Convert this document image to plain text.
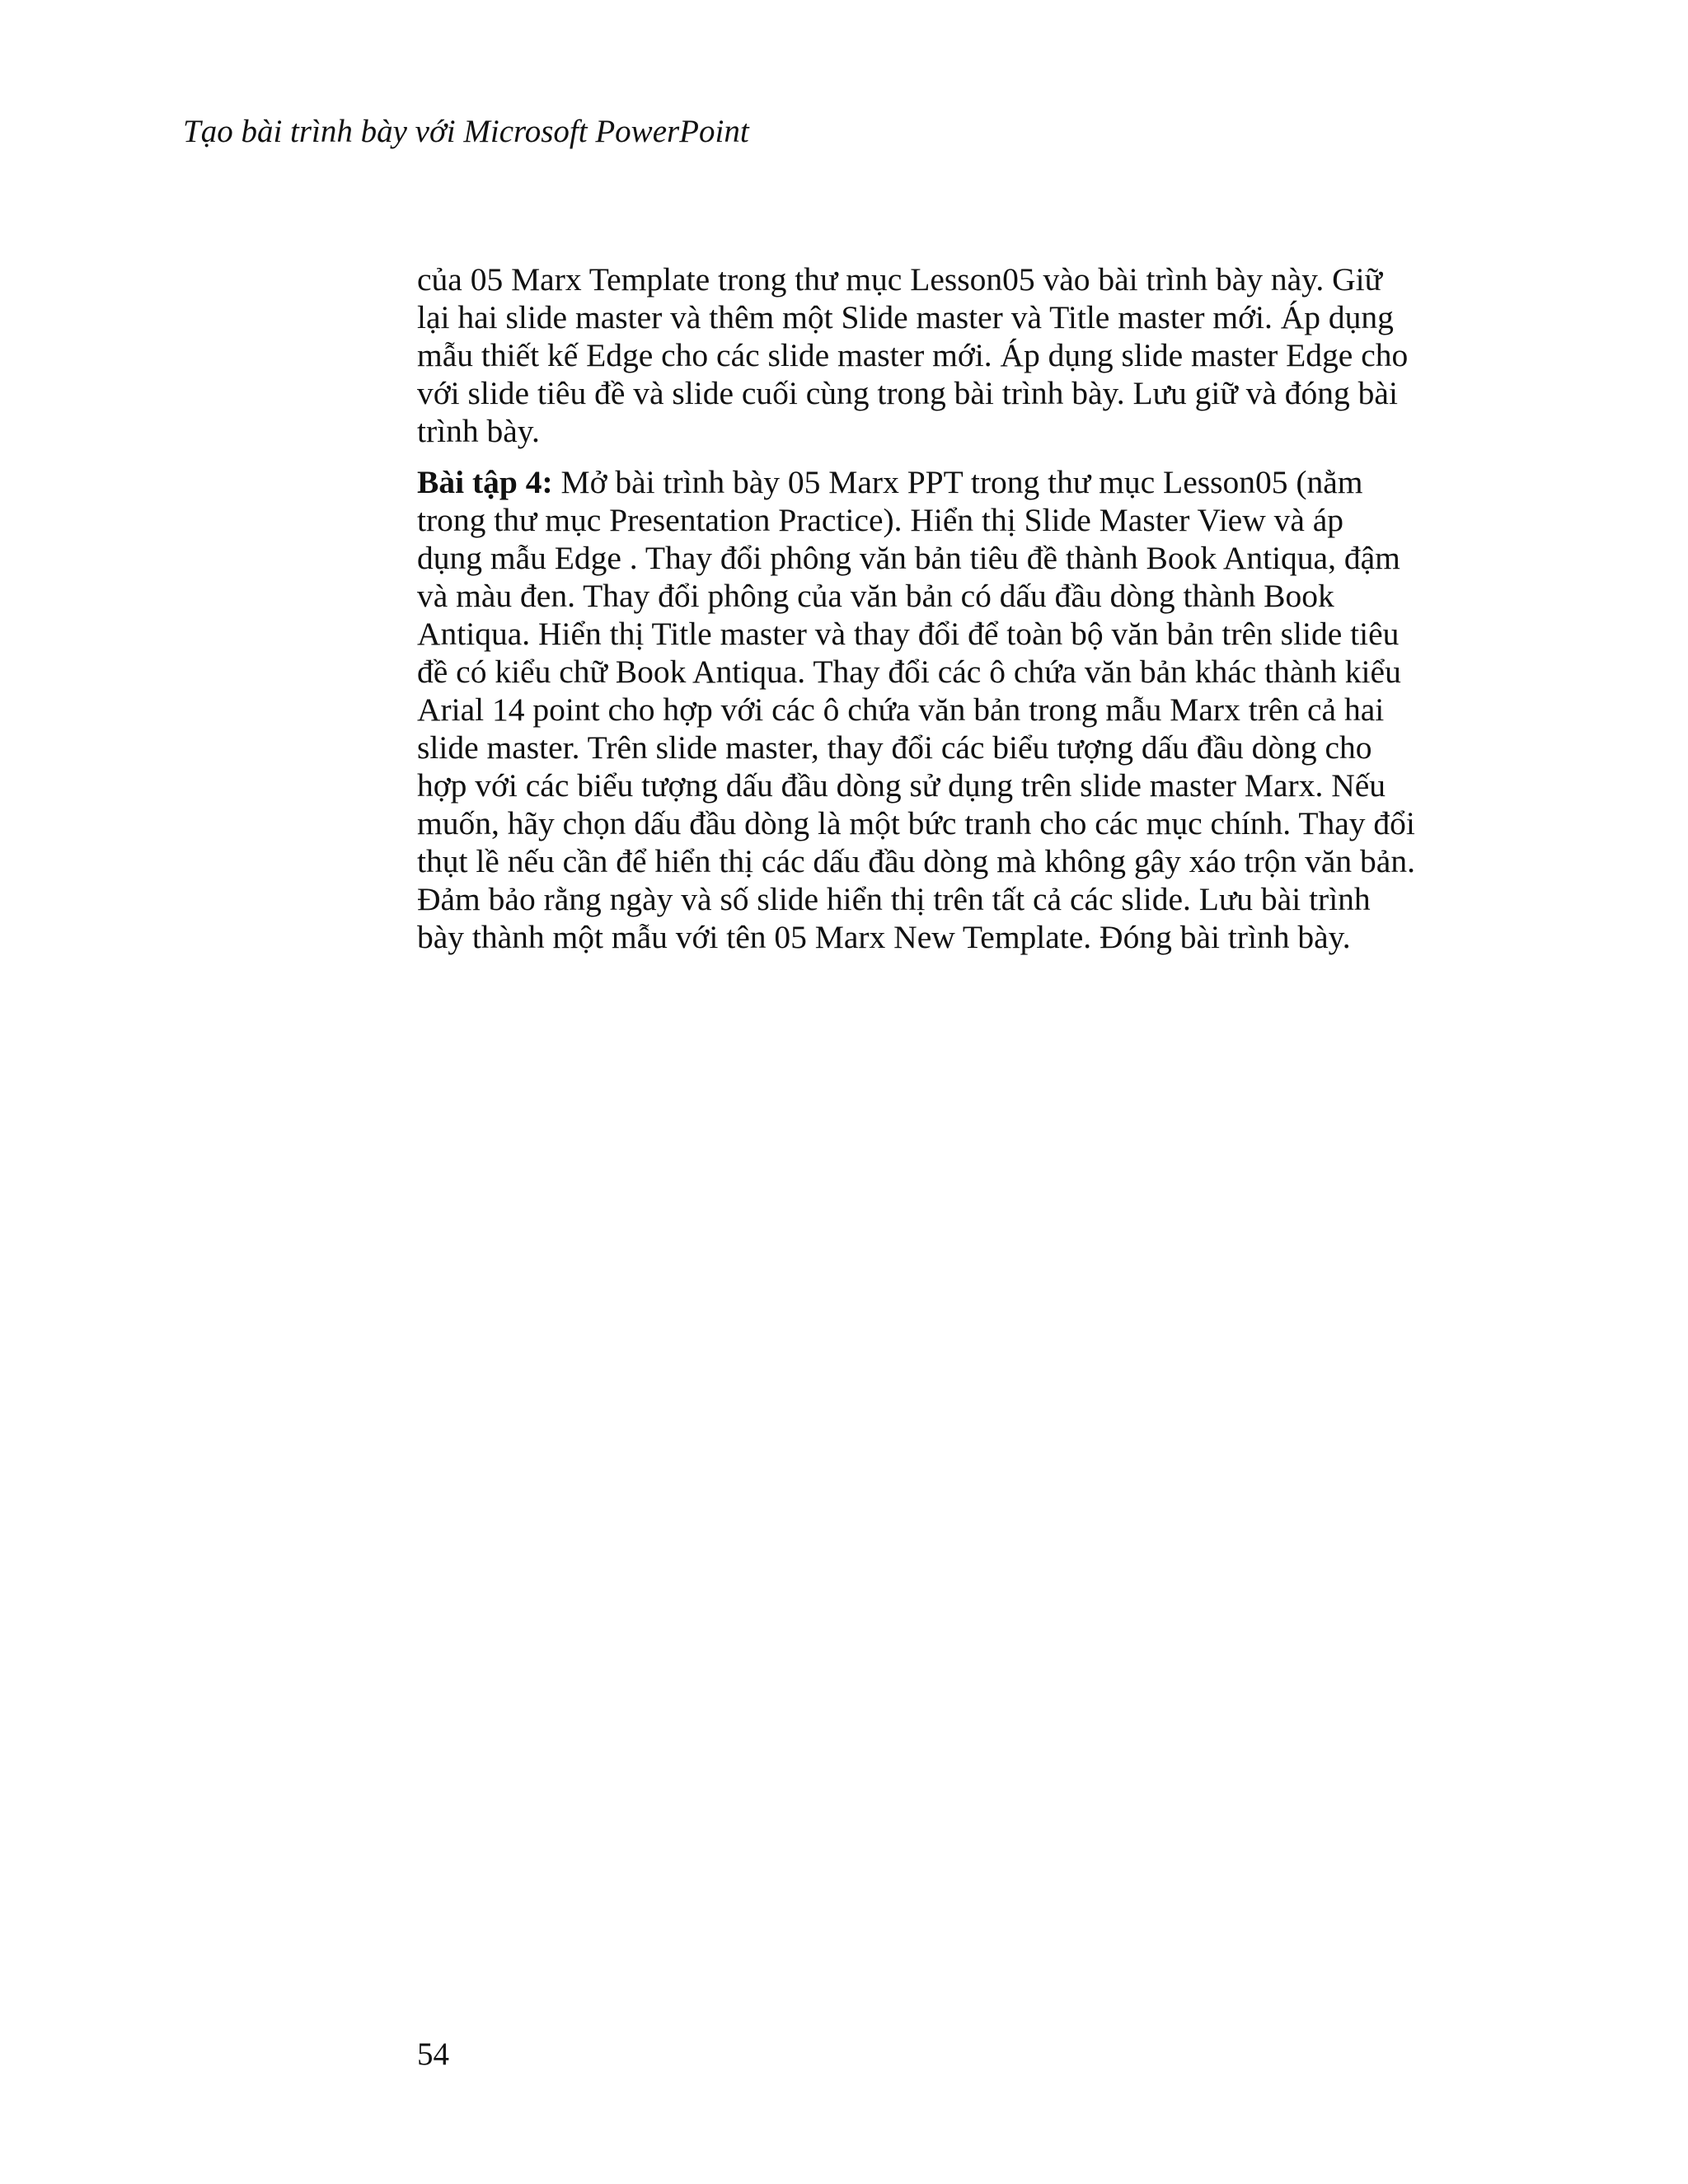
Tạo bài trình bày với Microsoft PowerPoint

của 05 Marx Template trong thư mục Lesson05 vào bài trình bày này. Giữ
lại hai slide master và thêm một Slide master và Title master mới. Áp dụng
mẫu thiết kế Edge cho các slide master mới. Áp dụng slide master Edge cho
với slide tiêu đề và slide cuối cùng trong bài trình bày. Lưu giữ và đóng bài
trình bày.

Bài tập 4: Mở bài trình bày 05 Marx PPT trong thư mục Lesson05 (nằm
trong thư mục Presentation Practice). Hiển thị Slide Master View và áp
dụng mẫu Edge . Thay đổi phông văn bản tiêu đề thành Book Antiqua, đậm
và màu đen. Thay đổi phông của văn bản có dấu đầu dòng thành Book
Antiqua. Hiển thị Title master và thay đổi để toàn bộ văn bản trên slide tiêu
đề có kiểu chữ Book Antiqua. Thay đổi các ô chứa văn bản khác thành kiểu
Arial 14 point cho hợp với các ô chứa văn bản trong mẫu Marx trên cả hai
slide master. Trên slide master, thay đổi các biểu tượng dấu đầu dòng cho
hợp với các biểu tượng dấu đầu dòng sử dụng trên slide master Marx. Nếu
muốn, hãy chọn dấu đầu dòng là một bức tranh cho các mục chính. Thay đổi
thụt lề nếu cần để hiển thị các dấu đầu dòng mà không gây xáo trộn văn bản.
Đảm bảo rằng ngày và số slide hiển thị trên tất cả các slide. Lưu bài trình
bày thành một mẫu với tên 05 Marx New Template. Đóng bài trình bày.

54
